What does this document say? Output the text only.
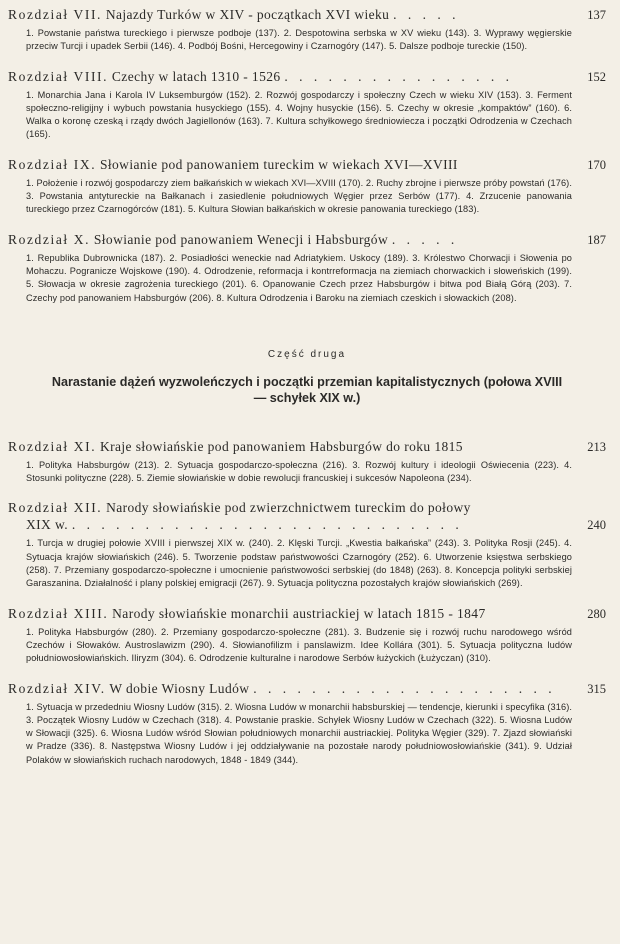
Rozdział VII. Najazdy Turków w XIV - początkach XVI wieku . . . . .	137
1. Powstanie państwa tureckiego i pierwsze podboje (137). 2. Despotowina serbska w XV wieku (143). 3. Wyprawy węgierskie przeciw Turcji i upadek Serbii (146). 4. Podbój Bośni, Hercegowiny i Czarnogóry (147). 5. Dalsze podboje tureckie (150).
Rozdział VIII. Czechy w latach 1310 - 1526 . . . . . . . . . . . . . . . .	152
1. Monarchia Jana i Karola IV Luksemburgów (152). 2. Rozwój gospodarczy i społeczny Czech w wieku XIV (153). 3. Ferment społeczno-religijny i wybuch powstania husyckiego (155). 4. Wojny husyckie (156). 5. Czechy w okresie „kompaktów” (160). 6. Walka o koronę czeską i rządy dwóch Jagiellonów (163). 7. Kultura schyłkowego średniowiecza i początki Odrodzenia w Czechach (165).
Rozdział IX. Słowianie pod panowaniem tureckim w wiekach XVI—XVIII	170
1. Położenie i rozwój gospodarczy ziem bałkańskich w wiekach XVI—XVIII (170). 2. Ruchy zbrojne i pierwsze próby powstań (176). 3. Powstania antytureckie na Bałkanach i zasiedlenie południowych Węgier przez Serbów (177). 4. Zrzucenie panowania tureckiego przez Czarnogórców (181). 5. Kultura Słowian bałkańskich w okresie panowania tureckiego (183).
Rozdział X. Słowianie pod panowaniem Wenecji i Habsburgów . . . . .	187
1. Republika Dubrownicka (187). 2. Posiadłości weneckie nad Adriatykiem. Uskocy (189). 3. Królestwo Chorwacji i Słowenia po Mohaczu. Pogranicze Wojskowe (190). 4. Odrodzenie, reformacja i kontrreformacja na ziemiach chorwackich i słoweńskich (199). 5. Słowacja w okresie zagrożenia tureckiego (201). 6. Opanowanie Czech przez Habsburgów i bitwa pod Białą Górą (203). 7. Czechy pod panowaniem Habsburgów (206). 8. Kultura Odrodzenia i Baroku na ziemiach czeskich i słowackich (208).
Część druga
Narastanie dążeń wyzwoleńczych i początki przemian kapitalistycznych (połowa XVIII — schyłek XIX w.)
Rozdział XI. Kraje słowiańskie pod panowaniem Habsburgów do roku 1815	213
1. Polityka Habsburgów (213). 2. Sytuacja gospodarczo-społeczna (216). 3. Rozwój kultury i ideologii Oświecenia (223). 4. Stosunki polityczne (228). 5. Ziemie słowiańskie w dobie rewolucji francuskiej i sukcesów Napoleona (234).
Rozdział XII. Narody słowiańskie pod zwierzchnictwem tureckim do połowy
XIX w. . . . . . . . . . . . . . . . . . . . . . . . . . . .	240
1. Turcja w drugiej połowie XVIII i pierwszej XIX w. (240). 2. Klęski Turcji. „Kwestia bałkańska” (243). 3. Polityka Rosji (245). 4. Sytuacja krajów słowiańskich (246). 5. Tworzenie podstaw państwowości Czarnogóry (252). 6. Utworzenie księstwa serbskiego (258). 7. Przemiany gospodarczo-społeczne i umocnienie państwowości serbskiej (do 1848) (263). 8. Koncepcja polityki serbskiej Garaszanina. Działalność i plany polskiej emigracji (267). 9. Sytuacja polityczna pozostałych krajów słowiańskich (269).
Rozdział XIII. Narody słowiańskie monarchii austriackiej w latach 1815 - 1847	280
1. Polityka Habsburgów (280). 2. Przemiany gospodarczo-społeczne (281). 3. Budzenie się i rozwój ruchu narodowego wśród Czechów i Słowaków. Austroslawizm (290). 4. Słowianofilizm i panslawizm. Idee Kollára (301). 5. Sytuacja polityczna ludów południowosłowiańskich. Iliryzm (304). 6. Odrodzenie kulturalne i narodowe Serbów łużyckich (Łużyczan) (310).
Rozdział XIV. W dobie Wiosny Ludów . . . . . . . . . . . . . . . . . . . . .	315
1. Sytuacja w przededniu Wiosny Ludów (315). 2. Wiosna Ludów w monarchii habsburskiej — tendencje, kierunki i specyfika (316). 3. Początek Wiosny Ludów w Czechach (318). 4. Powstanie praskie. Schyłek Wiosny Ludów w Czechach (322). 5. Wiosna Ludów w Słowacji (325). 6. Wiosna Ludów wśród Słowian południowych monarchii austriackiej. Polityka Węgier (329). 7. Zjazd słowiański w Pradze (336). 8. Następstwa Wiosny Ludów i jej oddziaływanie na pozostałe narody południowosłowiańskie (341). 9. Udział Polaków w słowiańskich ruchach narodowych, 1848 - 1849 (344).
